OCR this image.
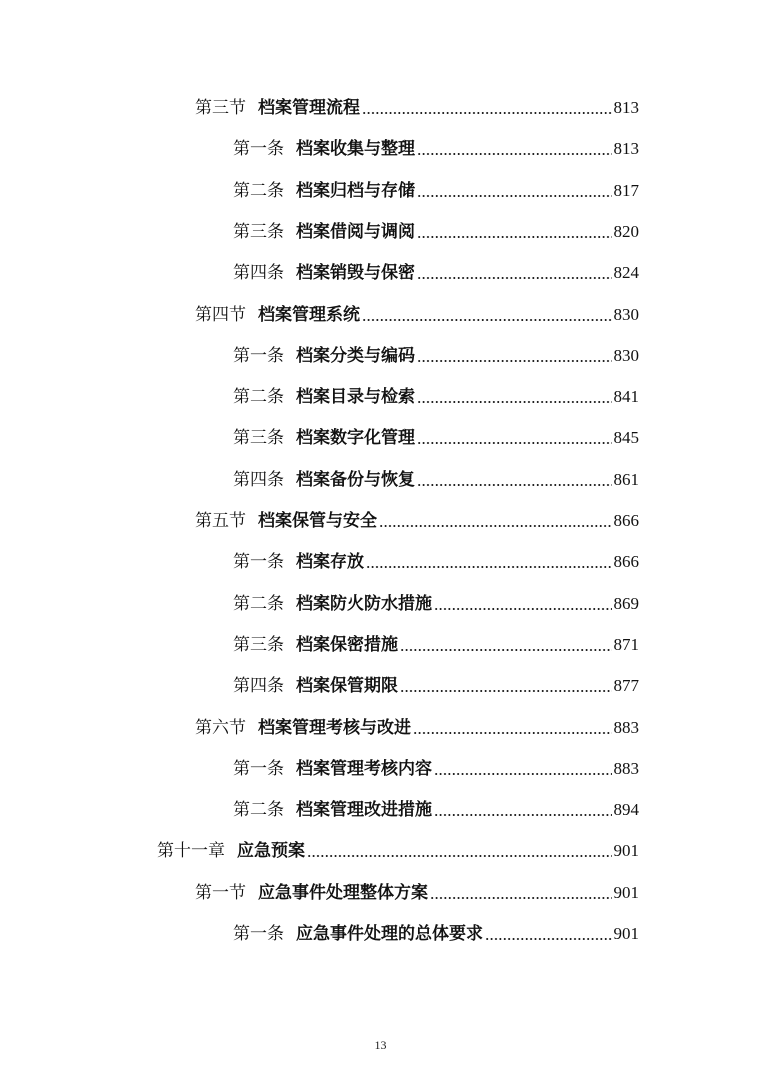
第三节 档案管理流程	813
第一条 档案收集与整理	813
第二条 档案归档与存储	817
第三条 档案借阅与调阅	820
第四条 档案销毁与保密	824
第四节 档案管理系统	830
第一条 档案分类与编码	830
第二条 档案目录与检索	841
第三条 档案数字化管理	845
第四条 档案备份与恢复	861
第五节 档案保管与安全	866
第一条 档案存放	866
第二条 档案防火防水措施	869
第三条 档案保密措施	871
第四条 档案保管期限	877
第六节 档案管理考核与改进	883
第一条 档案管理考核内容	883
第二条 档案管理改进措施	894
第十一章 应急预案	901
第一节 应急事件处理整体方案	901
第一条 应急事件处理的总体要求	901
13
